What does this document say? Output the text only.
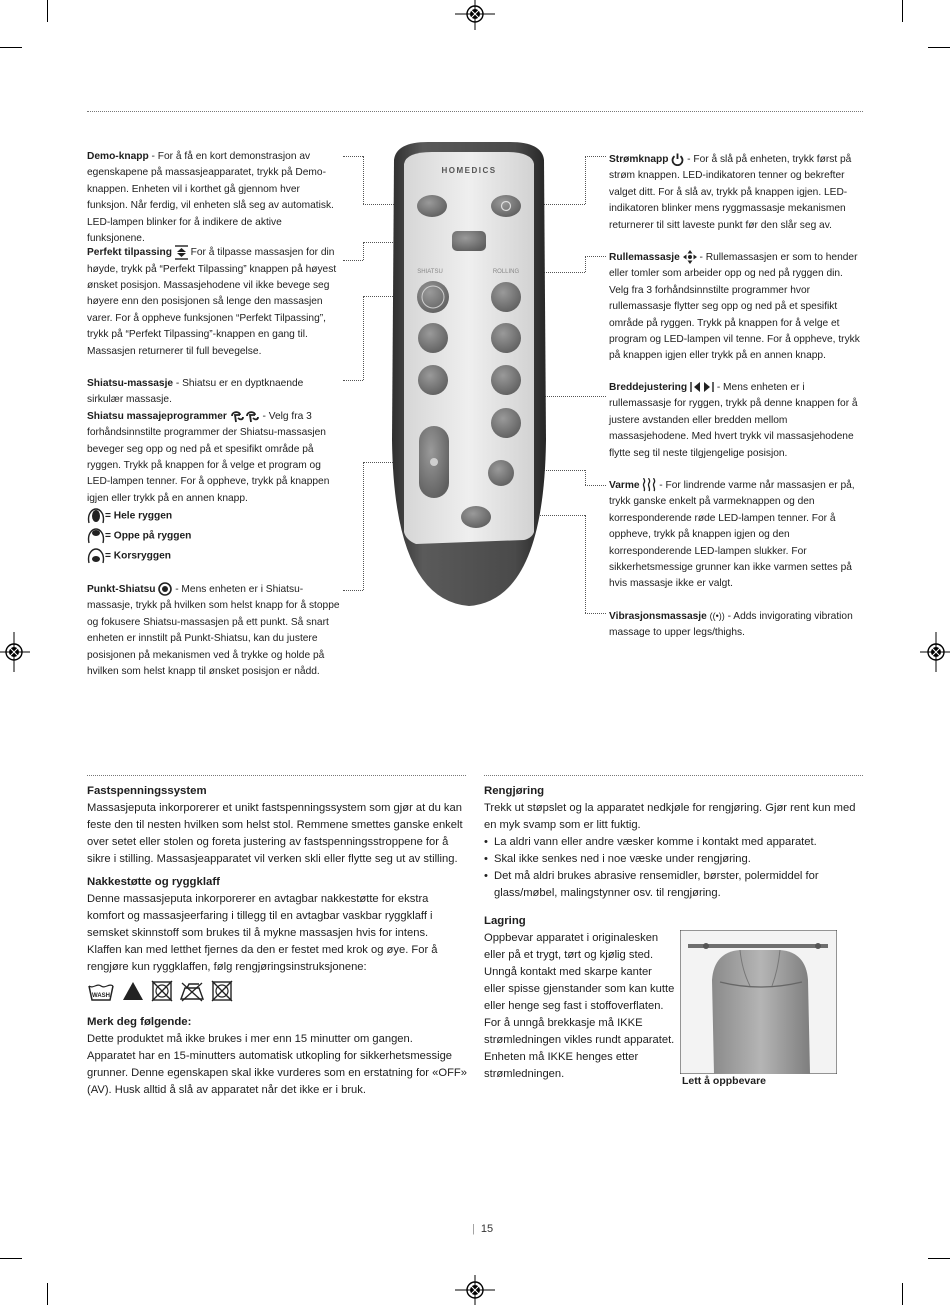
Demo-knapp - For å få en kort demonstrasjon av egenskapene på massasjeapparatet, trykk på Demo-knappen. Enheten vil i korthet gå gjennom hver funksjon. Når ferdig, vil enheten slå seg av automatisk. LED-lampen blinker for å indikere de aktive funksjonene.
Perfekt tilpassing  For å tilpasse massasjen for din høyde, trykk på “Perfekt Tilpassing” knappen på høyest ønsket posisjon. Massasjehodene vil ikke bevege seg høyere enn den posisjonen så lenge den massasjen varer. For å oppheve funksjonen “Perfekt Tilpassing”, trykk på “Perfekt Tilpassing”-knappen en gang til. Massasjen returnerer til full bevegelse.
Shiatsu-massasje - Shiatsu er en dyptknaende sirkulær massasje.
Shiatsu massajeprogrammer	- Velg fra 3 forhåndsinnstilte programmer der Shiatsu-massasjen beveger seg opp og ned på et spesifikt område på ryggen. Trykk på knappen for å velge et program og LED-lampen tenner. For å oppheve, trykk på knappen igjen eller trykk på en annen knapp.
= Hele ryggen
= Oppe på ryggen
= Korsryggen
Punkt-Shiatsu  - Mens enheten er i Shiatsu-massasje, trykk på hvilken som helst knapp for å stoppe og fokusere Shiatsu-massasjen på ett punkt. Så snart enheten er innstilt på Punkt-Shiatsu, kan du justere posisjonen på mekanismen ved å trykke og holde på hvilken som helst knapp til ønsket posisjon er nådd.
HOMEDICS
SHIATSU	ROLLING
Strømknapp  - For å slå på enheten, trykk først på strøm knappen. LED-indikatoren tenner og bekrefter valget ditt. For å slå av, trykk på knappen igjen. LED-indikatoren blinker mens ryggmassasje mekanismen returnerer til sitt laveste punkt før den slår seg av.
Rullemassasje  - Rullemassasjen er som to hender eller tomler som arbeider opp og ned på ryggen din. Velg fra 3 forhåndsinnstilte programmer hvor rullemassasje flytter seg opp og ned på et spesifikt område på ryggen. Trykk på knappen for å velge et program og LED-lampen vil tenne. For å oppheve, trykk på knappen igjen eller trykk på en annen knapp.
Breddejustering	- Mens enheten er i rullemassasje for ryggen, trykk på denne knappen for å justere avstanden eller bredden mellom massasjehodene. Med hvert trykk vil massasjehodene flytte seg til neste tilgjengelige posisjon.
Varme  - For lindrende varme når massasjen er på, trykk ganske enkelt på varmeknappen og den korresponderende røde LED-lampen tenner. For å oppheve, trykk på knappen igjen og den korresponderende LED-lampen slukker. For sikkerhetsmessige grunner kan ikke varmen settes på hvis massasje ikke er valgt.
Vibrasjonsmassasje ((•)) - Adds invigorating vibration massage to upper legs/thighs.
Fastspenningssystem

Massasjeputa inkorporerer et unikt fastspenningssystem som gjør at du kan feste den til nesten hvilken som helst stol. Remmene smettes ganske enkelt over setet eller stolen og foreta justering av fastspenningsstroppene for å sikre i stilling. Massasjeapparatet vil verken skli eller flytte seg ut av stilling.

Nakkestøtte og ryggklaff

Denne massasjeputa inkorporerer en avtagbar nakkestøtte for ekstra komfort og massasjeerfaring i tillegg til en avtagbar vaskbar ryggklaff i semsket skinnstoff som brukes til å mykne massasjen hvis for intens.

Klaffen kan med letthet fjernes da den er festet med krok og øye. For å rengjøre kun ryggklaffen, følg rengjøringsinstruksjonene:

WASH

Merk deg følgende:

Dette produktet må ikke brukes i mer enn 15 minutter om gangen.

Apparatet har en 15-minutters automatisk utkopling for sikkerhetsmessige grunner. Denne egenskapen skal ikke vurderes som en erstatning for «OFF» (AV). Husk alltid å slå av apparatet når det ikke er i bruk.

Rengjøring

Trekk ut støpslet og la apparatet nedkjøle for rengjøring. Gjør rent kun med en myk svamp som er litt fuktig.

• La aldri vann eller andre væsker komme i kontakt med apparatet.
• Skal ikke senkes ned i noe væske under rengjøring.
• Det må aldri brukes abrasive rensemidler, børster, polermiddel for glass/møbel, malingstynner osv. til rengjøring.
Lagring

Oppbevar apparatet i originalesken eller på et trygt, tørt og kjølig sted. Unngå kontakt med skarpe kanter eller spisse gjenstander som kan kutte eller henge seg fast i stoffoverflaten. For å unngå brekkasje må IKKE strømledningen vikles rundt apparatet. Enheten må IKKE henges etter strømledningen.

Lett å oppbevare
| 15
